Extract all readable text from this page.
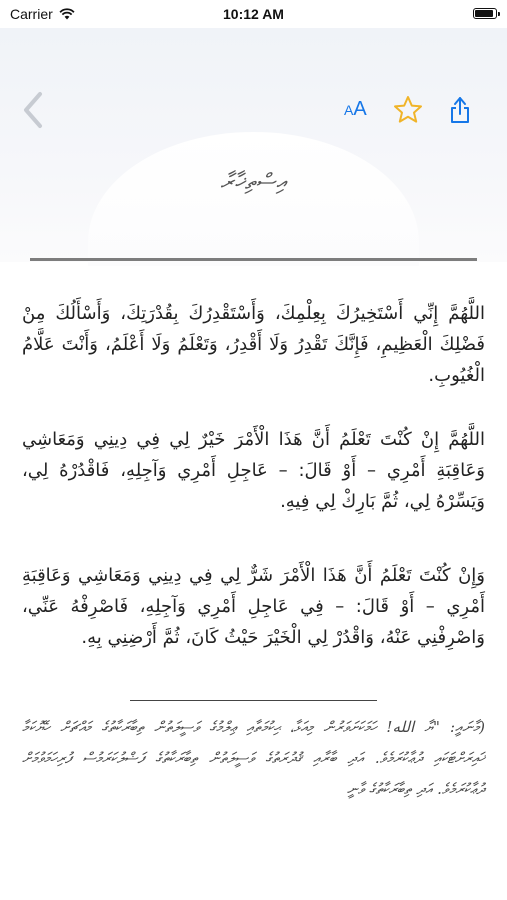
Carrier	10:12 AM
AA
އިސްތިޚާރާ
اللَّهُمَّ إِنِّي أَسْتَخِيرُكَ بِعِلْمِكَ، وَأَسْتَقْدِرُكَ بِقُدْرَتِكَ، وَأَسْأَلُكَ مِنْ فَضْلِكَ الْعَظِيمِ، فَإِنَّكَ تَقْدِرُ وَلَا أَقْدِرُ، وَتَعْلَمُ وَلَا أَعْلَمُ، وَأَنْتَ عَلَّامُ الْغُيُوبِ.
اللَّهُمَّ إِنْ كُنْتَ تَعْلَمُ أَنَّ هَذَا الْأَمْرَ خَيْرٌ لِي فِي دِينِي وَمَعَاشِي وَعَاقِبَةِ أَمْرِي – أَوْ قَالَ: – عَاجِلِ أَمْرِي وَآجِلِهِ، فَاقْدُرْهُ لِي، وَيَسِّرْهُ لِي، ثُمَّ بَارِكْ لِي فِيهِ.
وَإِنْ كُنْتَ تَعْلَمُ أَنَّ هَذَا الْأَمْرَ شَرٌّ لِي فِي دِينِي وَمَعَاشِي وَعَاقِبَةِ أَمْرِي – أَوْ قَالَ: – فِي عَاجِلِ أَمْرِي وَآجِلِهِ، فَاصْرِفْهُ عَنِّي، وَاصْرِفْنِي عَنْهُ، وَاقْدُرْ لِي الْخَيْرَ حَيْثُ كَانَ، ثُمَّ أَرْضِنِي بِهِ.
(މާނައީ: "ޔާ الله! ހަމަކަށަވަރުން މިއަޅާ، ޙިކުމަތާއި ޢިލްމުގެ ވަސީލަތުން ތިބާރަކާތުގެ މައްޗަށް ހެޔޮކަމާ ޚައިރަށްޓަކައި ދުޢާކުރަމެވެ. އަދި ބާރާއި ޤުދުރަތުގެ ވަސީލަތުން ތިބާރަކާތުގެ ފަޟްލުކަރަމުސް ފުރިހަމަވުމަށް ދުޢާކުރަމެވެ. އަދި ތިބާރަކާތުގެ ވާނީ
